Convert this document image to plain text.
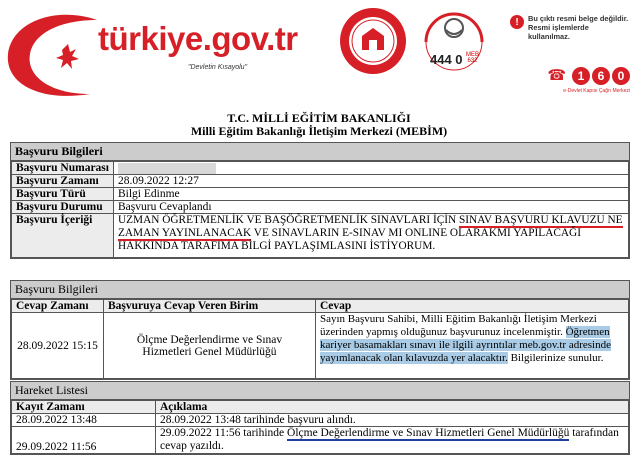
türkiye.gov.tr
"Devletin Kısayolu"
444 0 MEB
632
!	Bu çıktı resmi belge değildir.
Resmi işlemlerde kullanılmaz.
☎ 1	6	0
e-Devlet Kapısı Çağrı Merkezi
T.C. MİLLİ EĞİTİM BAKANLIĞI
Milli Eğitim Bakanlığı İletişim Merkezi (MEBİM)
Başvuru Bilgileri
Başvuru Numarası	
Başvuru Zamanı	28.09.2022 12:27
Başvuru Türü	Bilgi Edinme
Başvuru Durumu	Başvuru Cevaplandı
Başvuru İçeriği	UZMAN ÖĞRETMENLİK VE BAŞÖĞRETMENLİK SINAVLARI İÇİN SINAV BAŞVURU KLAVUZU NE ZAMAN YAYINLANACAK VE SINAVLARIN E-SINAV MI ONLINE OLARAKMI YAPILACAĞI HAKKINDA TARAFIMA BİLGİ PAYLAŞIMLASINI İSTİYORUM.
Başvuru Bilgileri
Cevap Zamanı	Başvuruya Cevap Veren Birim	Cevap
28.09.2022 15:15	Ölçme Değerlendirme ve Sınav Hizmetleri Genel Müdürlüğü	Sayın Başvuru Sahibi, Milli Eğitim Bakanlığı İletişim Merkezi üzerinden yapmış olduğunuz başvurunuz incelenmiştir. Öğretmen kariyer basamakları sınavı ile ilgili ayrıntılar meb.gov.tr adresinde yayımlanacak olan kılavuzda yer alacaktır. Bilgilerinize sunulur.
Hareket Listesi
Kayıt Zamanı	Açıklama
28.09.2022 13:48	28.09.2022 13:48 tarihinde başvuru alındı.
29.09.2022 11:56	29.09.2022 11:56 tarihinde Ölçme Değerlendirme ve Sınav Hizmetleri Genel Müdürlüğü tarafından cevap yazıldı.
